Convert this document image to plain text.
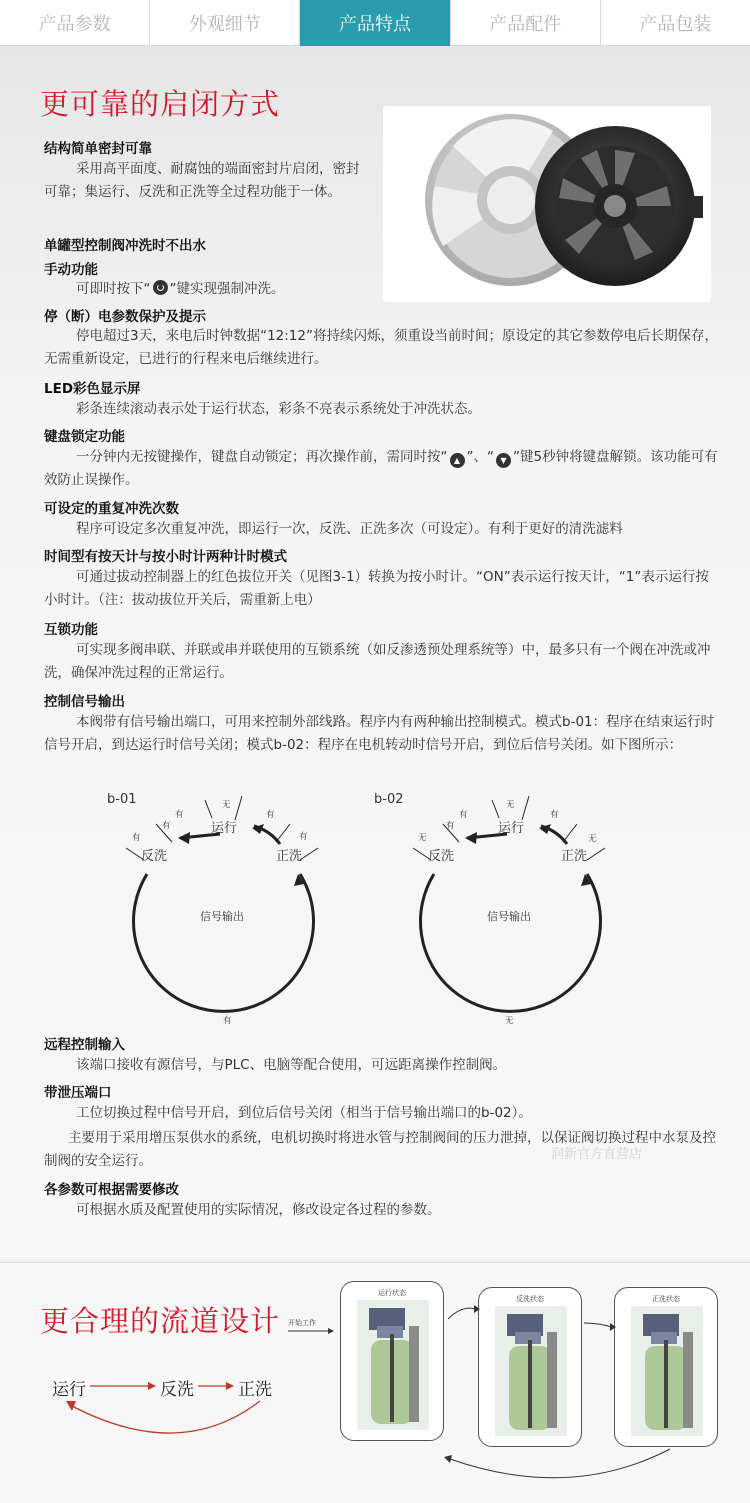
产品参数	外观细节	产品特点	产品配件	产品包装
更可靠的启闭方式
结构简单密封可靠
采用高平面度、耐腐蚀的端面密封片启闭，密封可靠；集运行、反洗和正洗等全过程功能于一体。
单罐型控制阀冲洗时不出水
手动功能
可即时按下“ ”键实现强制冲洗。
停（断）电参数保护及提示
停电超过3天，来电后时钟数据“12:12”将持续闪烁，须重设当前时间；原设定的其它参数停电后长期保存，无需重新设定，已进行的行程来电后继续进行。
LED彩色显示屏
彩条连续滚动表示处于运行状态，彩条不亮表示系统处于冲洗状态。
键盘锁定功能
一分钟内无按键操作，键盘自动锁定；再次操作前，需同时按“ ▲ ”、“ ▼ ”键5秒钟将键盘解锁。该功能可有效防止误操作。
可设定的重复冲洗次数
程序可设定多次重复冲洗，即运行一次，反洗、正洗多次（可设定）。有利于更好的清洗滤料
时间型有按天计与按小时计两种计时模式
可通过拔动控制器上的红色拔位开关（见图3-1）转换为按小时计。“ON”表示运行按天计，“1”表示运行按小时计。（注：拔动拔位开关后，需重新上电）
互锁功能
可实现多阀串联、并联或串并联使用的互锁系统（如反渗透预处理系统等）中，最多只有一个阀在冲洗或冲洗，确保冲洗过程的正常运行。
控制信号输出
本阀带有信号输出端口，可用来控制外部线路。程序内有两种输出控制模式。模式b-01：程序在结束运行时信号开启，到达运行时信号关闭；模式b-02：程序在电机转动时信号开启，到位后信号关闭。如下图所示：
b-01
运行
反洗	正洗
信号输出
有
无
有
有
有	有
有
b-02
运行
反洗	正洗
信号输出
有
无
有
有
无	无
无
远程控制输入
该端口接收有源信号，与PLC、电脑等配合使用，可远距离操作控制阀。
带泄压端口
工位切换过程中信号开启，到位后信号关闭（相当于信号输出端口的b-02）。
主要用于采用增压泵供水的系统，电机切换时将进水管与控制阀间的压力泄掉，以保证阀切换过程中水泵及控制阀的安全运行。
各参数可根据需要修改
可根据水质及配置使用的实际情况，修改设定各过程的参数。
润新官方直营店
更合理的流道设计
运行	反洗	正洗
开始工作
运行状态
反洗状态	正洗状态
